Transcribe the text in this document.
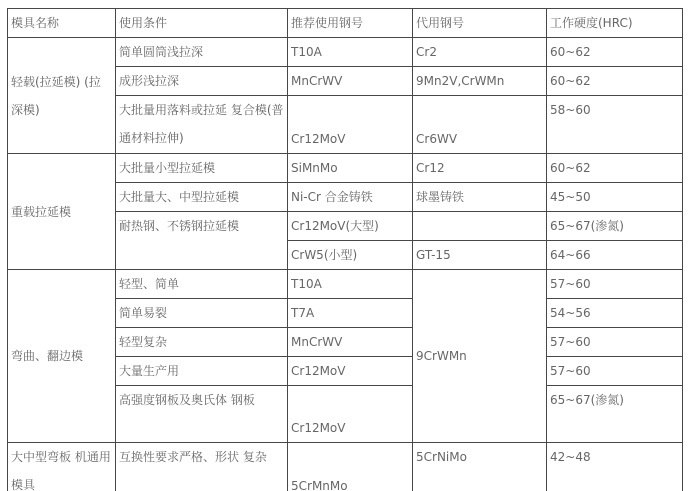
模具名称	使用条件	推荐使用钢号	代用钢号	工作硬度(HRC)
轻载(拉延模) (拉深模)	简单圆筒浅拉深	T10A	Cr2	60~62
	成形浅拉深	MnCrWV	9Mn2V,CrWMn	60~62
	大批量用落料或拉延 复合模(普通材料拉伸)	Cr12MoV	Cr6WV	58~60
重载拉延模	大批量小型拉延模	SiMnMo	Cr12	60~62
	大批量大、中型拉延模	Ni-Cr 合金铸铁	球墨铸铁	45~50
	耐热钢、不锈钢拉延模	Cr12MoV(大型)		65~67(渗氮)
		CrW5(小型)	GT-15	64~66
弯曲、翻边模	轻型、简单	T10A	9CrWMn	57~60
	简单易裂	T7A		54~56
	轻型复杂	MnCrWV		57~60
	大量生产用	Cr12MoV		57~60
	高强度钢板及奥氏体 钢板	Cr12MoV		65~67(渗氮)
大中型弯板 机通用模具	互换性要求严格、形状 复杂	5CrMnMo	5CrNiMo	42~48
